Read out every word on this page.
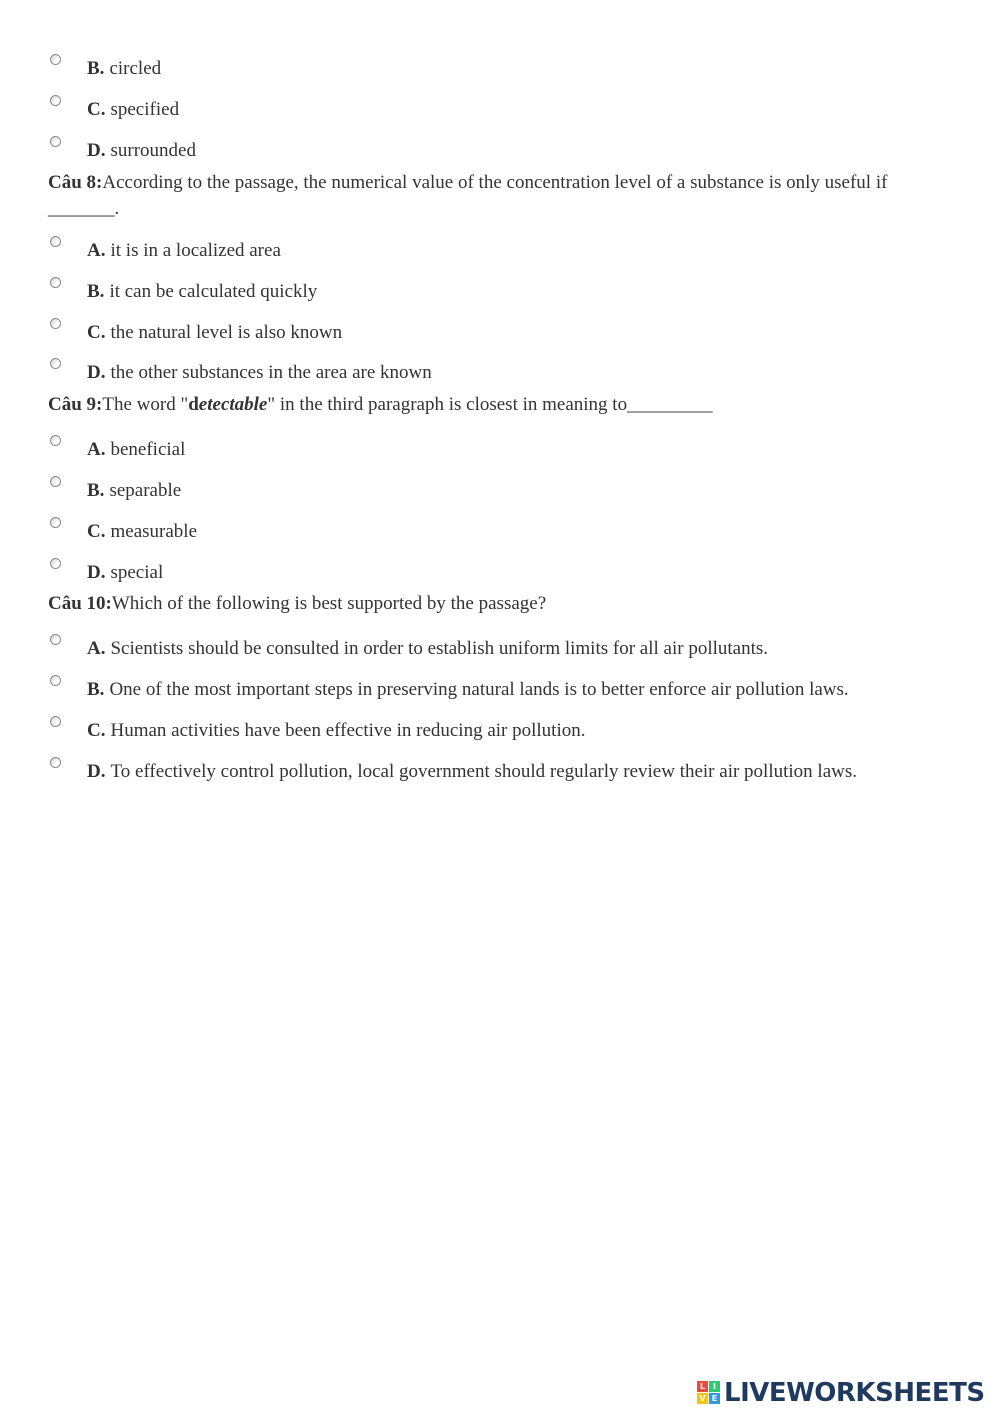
B. circled
C. specified
D. surrounded
Câu 8:According to the passage, the numerical value of the concentration level of a substance is only useful if
_______.
A. it is in a localized area
B. it can be calculated quickly
C. the natural level is also known
D. the other substances in the area are known
Câu 9:The word "detectable" in the third paragraph is closest in meaning to_________
A. beneficial
B. separable
C. measurable
D. special
Câu 10:Which of the following is best supported by the passage?
A. Scientists should be consulted in order to establish uniform limits for all air pollutants.
B. One of the most important steps in preserving natural lands is to better enforce air pollution laws.
C. Human activities have been effective in reducing air pollution.
D. To effectively control pollution, local government should regularly review their air pollution laws.
L I
V E LIVEWORKSHEETS
